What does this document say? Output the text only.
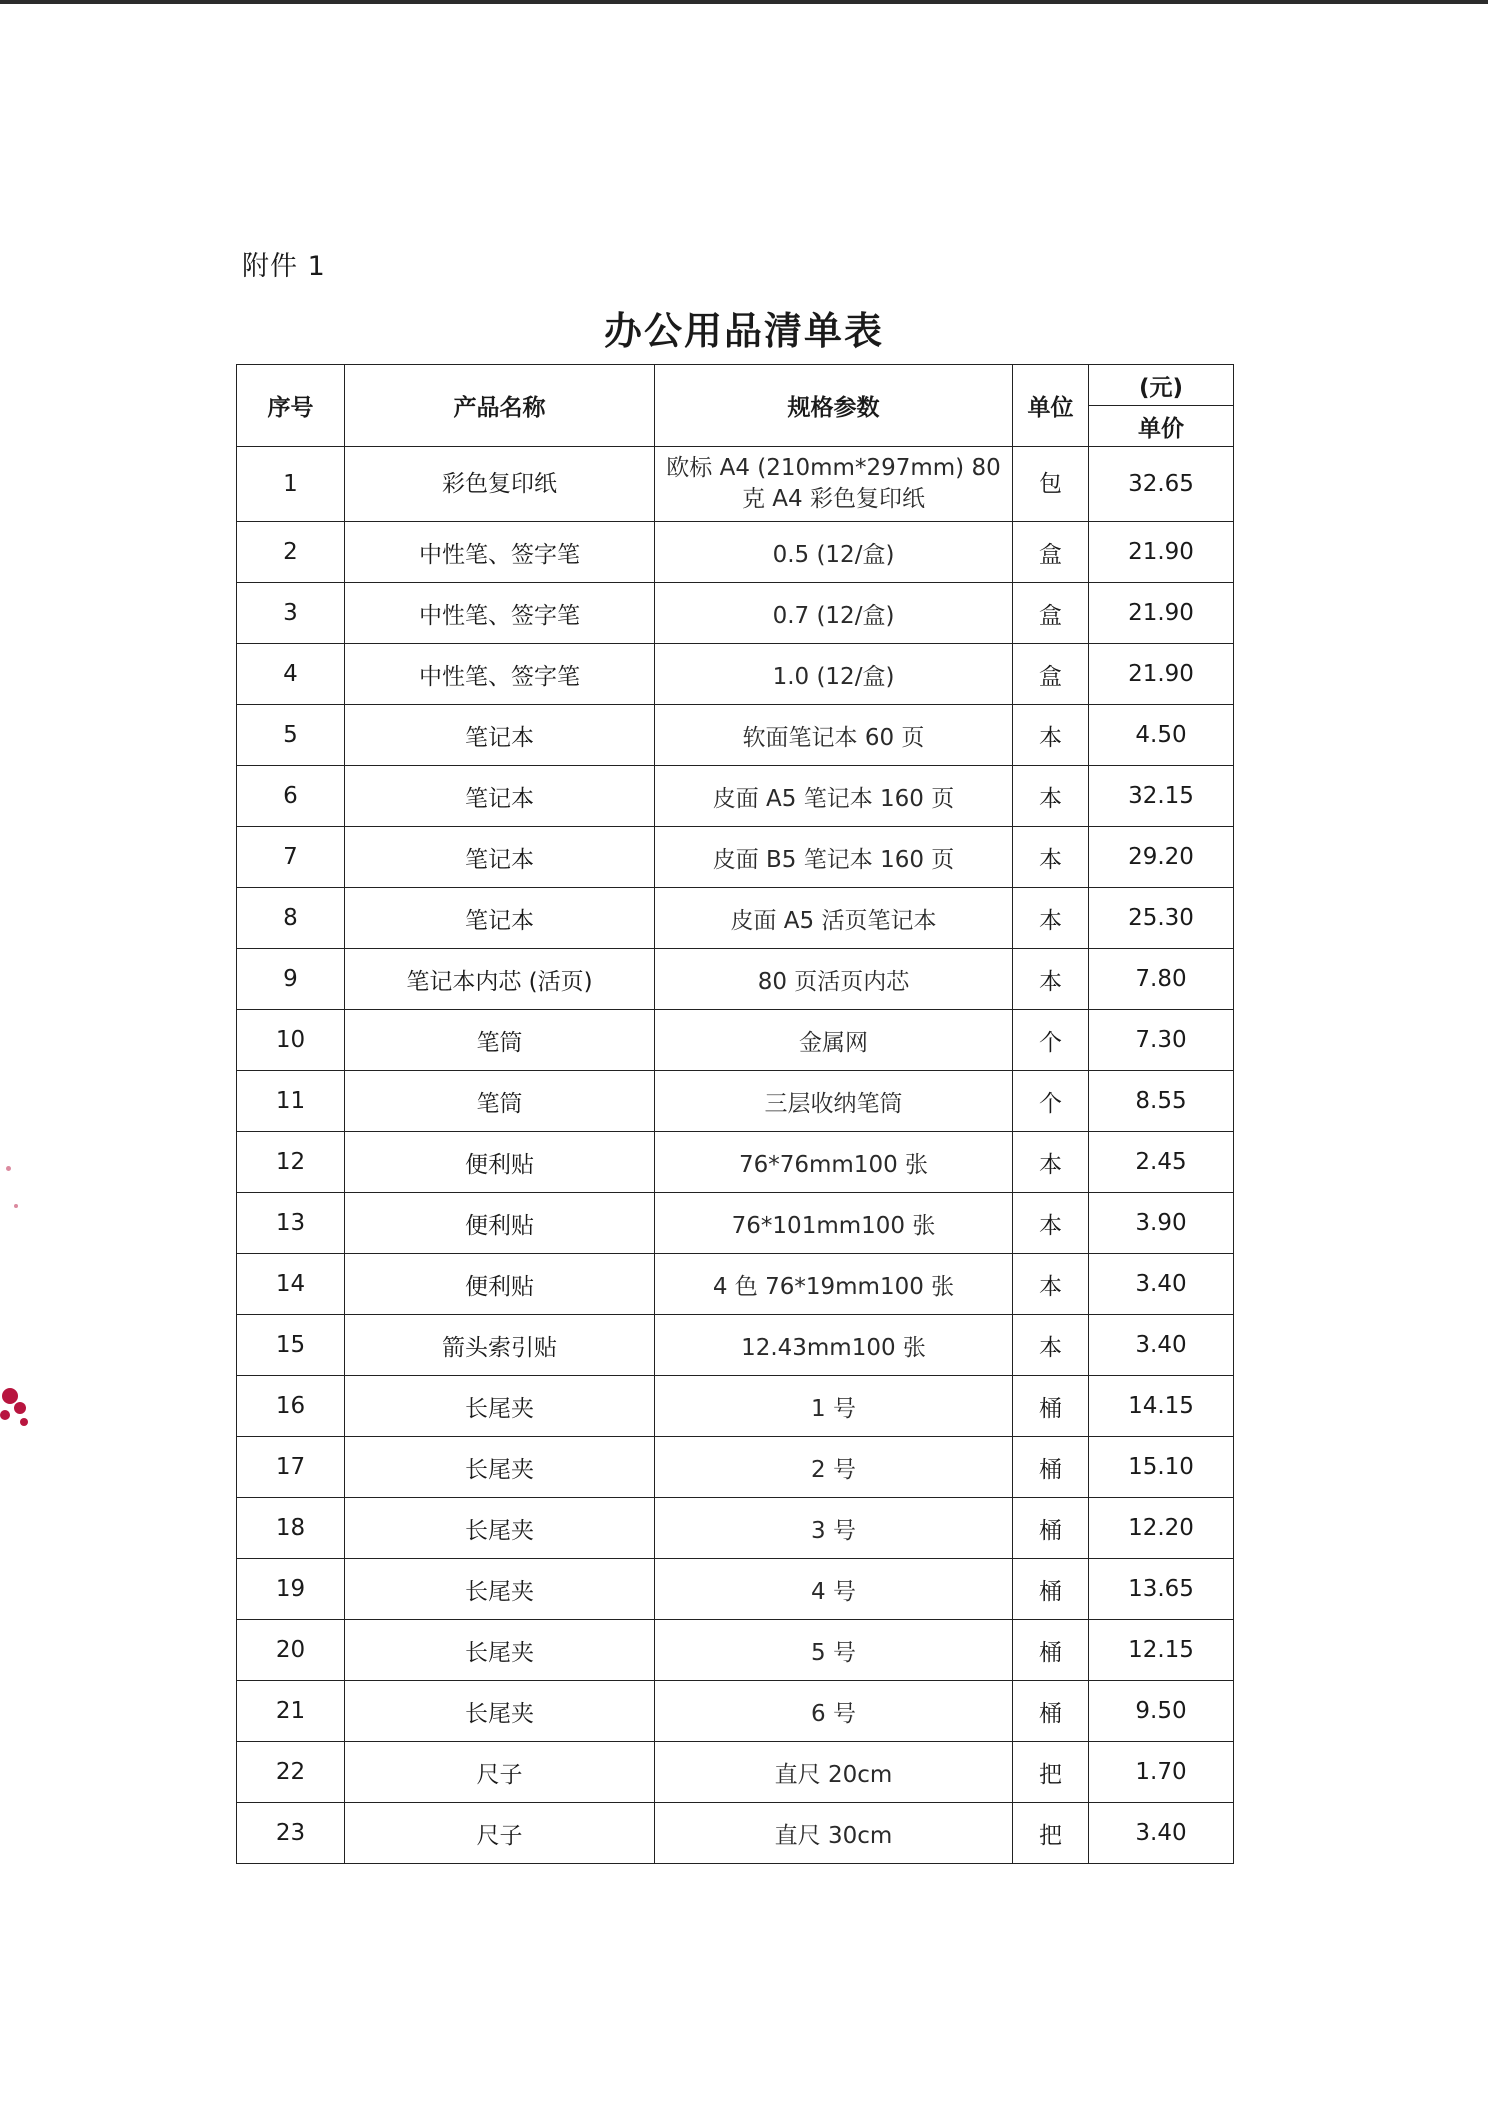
附件 1
办公用品清单表
序号	产品名称	规格参数	单位	(元)
				单价
1	彩色复印纸	欧标 A4 (210mm*297mm) 80 克 A4 彩色复印纸	包	32.65
2	中性笔、签字笔	0.5 (12/盒)	盒	21.90
3	中性笔、签字笔	0.7 (12/盒)	盒	21.90
4	中性笔、签字笔	1.0 (12/盒)	盒	21.90
5	笔记本	软面笔记本 60 页	本	4.50
6	笔记本	皮面 A5 笔记本 160 页	本	32.15
7	笔记本	皮面 B5 笔记本 160 页	本	29.20
8	笔记本	皮面 A5 活页笔记本	本	25.30
9	笔记本内芯 (活页)	80 页活页内芯	本	7.80
10	笔筒	金属网	个	7.30
11	笔筒	三层收纳笔筒	个	8.55
12	便利贴	76*76mm100 张	本	2.45
13	便利贴	76*101mm100 张	本	3.90
14	便利贴	4 色 76*19mm100 张	本	3.40
15	箭头索引贴	12.43mm100 张	本	3.40
16	长尾夹	1 号	桶	14.15
17	长尾夹	2 号	桶	15.10
18	长尾夹	3 号	桶	12.20
19	长尾夹	4 号	桶	13.65
20	长尾夹	5 号	桶	12.15
21	长尾夹	6 号	桶	9.50
22	尺子	直尺 20cm	把	1.70
23	尺子	直尺 30cm	把	3.40
